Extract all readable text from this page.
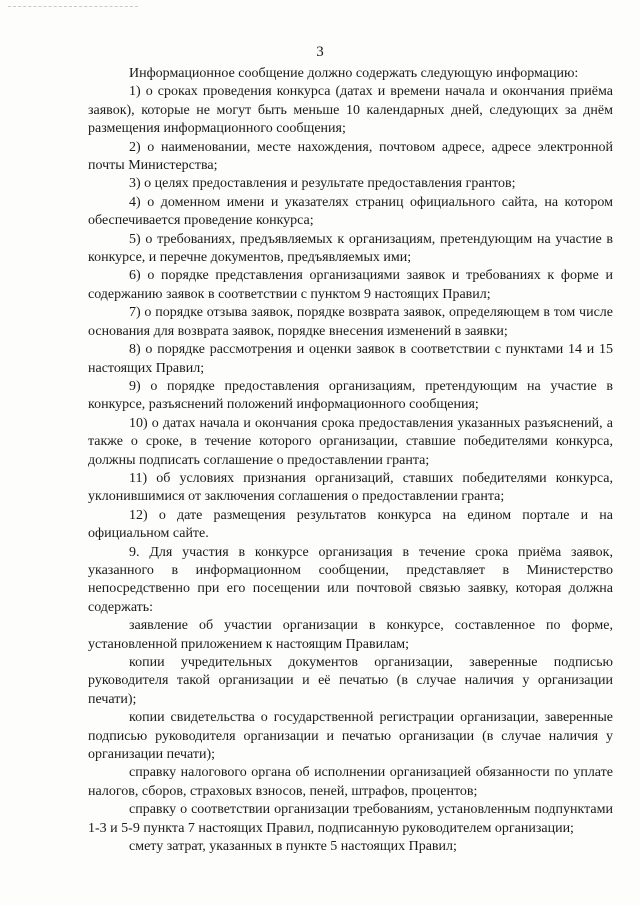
3

Информационное сообщение должно содержать следующую информацию:

1) о сроках проведения конкурса (датах и времени начала и окончания приёма заявок), которые не могут быть меньше 10 календарных дней, следующих за днём размещения информационного сообщения;

2) о наименовании, месте нахождения, почтовом адресе, адресе электронной почты Министерства;

3) о целях предоставления и результате предоставления грантов;

4) о доменном имени и указателях страниц официального сайта, на котором обеспечивается проведение конкурса;

5) о требованиях, предъявляемых к организациям, претендующим на участие в конкурсе, и перечне документов, предъявляемых ими;

6) о порядке представления организациями заявок и требованиях к форме и содержанию заявок в соответствии с пунктом 9 настоящих Правил;

7) о порядке отзыва заявок, порядке возврата заявок, определяющем в том числе основания для возврата заявок, порядке внесения изменений в заявки;

8) о порядке рассмотрения и оценки заявок в соответствии с пунктами 14 и 15 настоящих Правил;

9) о порядке предоставления организациям, претендующим на участие в конкурсе, разъяснений положений информационного сообщения;

10) о датах начала и окончания срока предоставления указанных разъяснений, а также о сроке, в течение которого организации, ставшие победителями конкурса, должны подписать соглашение о предоставлении гранта;

11) об условиях признания организаций, ставших победителями конкурса, уклонившимися от заключения соглашения о предоставлении гранта;

12) о дате размещения результатов конкурса на едином портале и на официальном сайте.

9. Для участия в конкурсе организация в течение срока приёма заявок, указанного в информационном сообщении, представляет в Министерство непосредственно при его посещении или почтовой связью заявку, которая должна содержать:

заявление об участии организации в конкурсе, составленное по форме, установленной приложением к настоящим Правилам;

копии учредительных документов организации, заверенные подписью руководителя такой организации и её печатью (в случае наличия у организации печати);

копии свидетельства о государственной регистрации организации, заверенные подписью руководителя организации и печатью организации (в случае наличия у организации печати);

справку налогового органа об исполнении организацией обязанности по уплате налогов, сборов, страховых взносов, пеней, штрафов, процентов;

справку о соответствии организации требованиям, установленным подпунктами 1-3 и 5-9 пункта 7 настоящих Правил, подписанную руководителем организации;

смету затрат, указанных в пункте 5 настоящих Правил;
